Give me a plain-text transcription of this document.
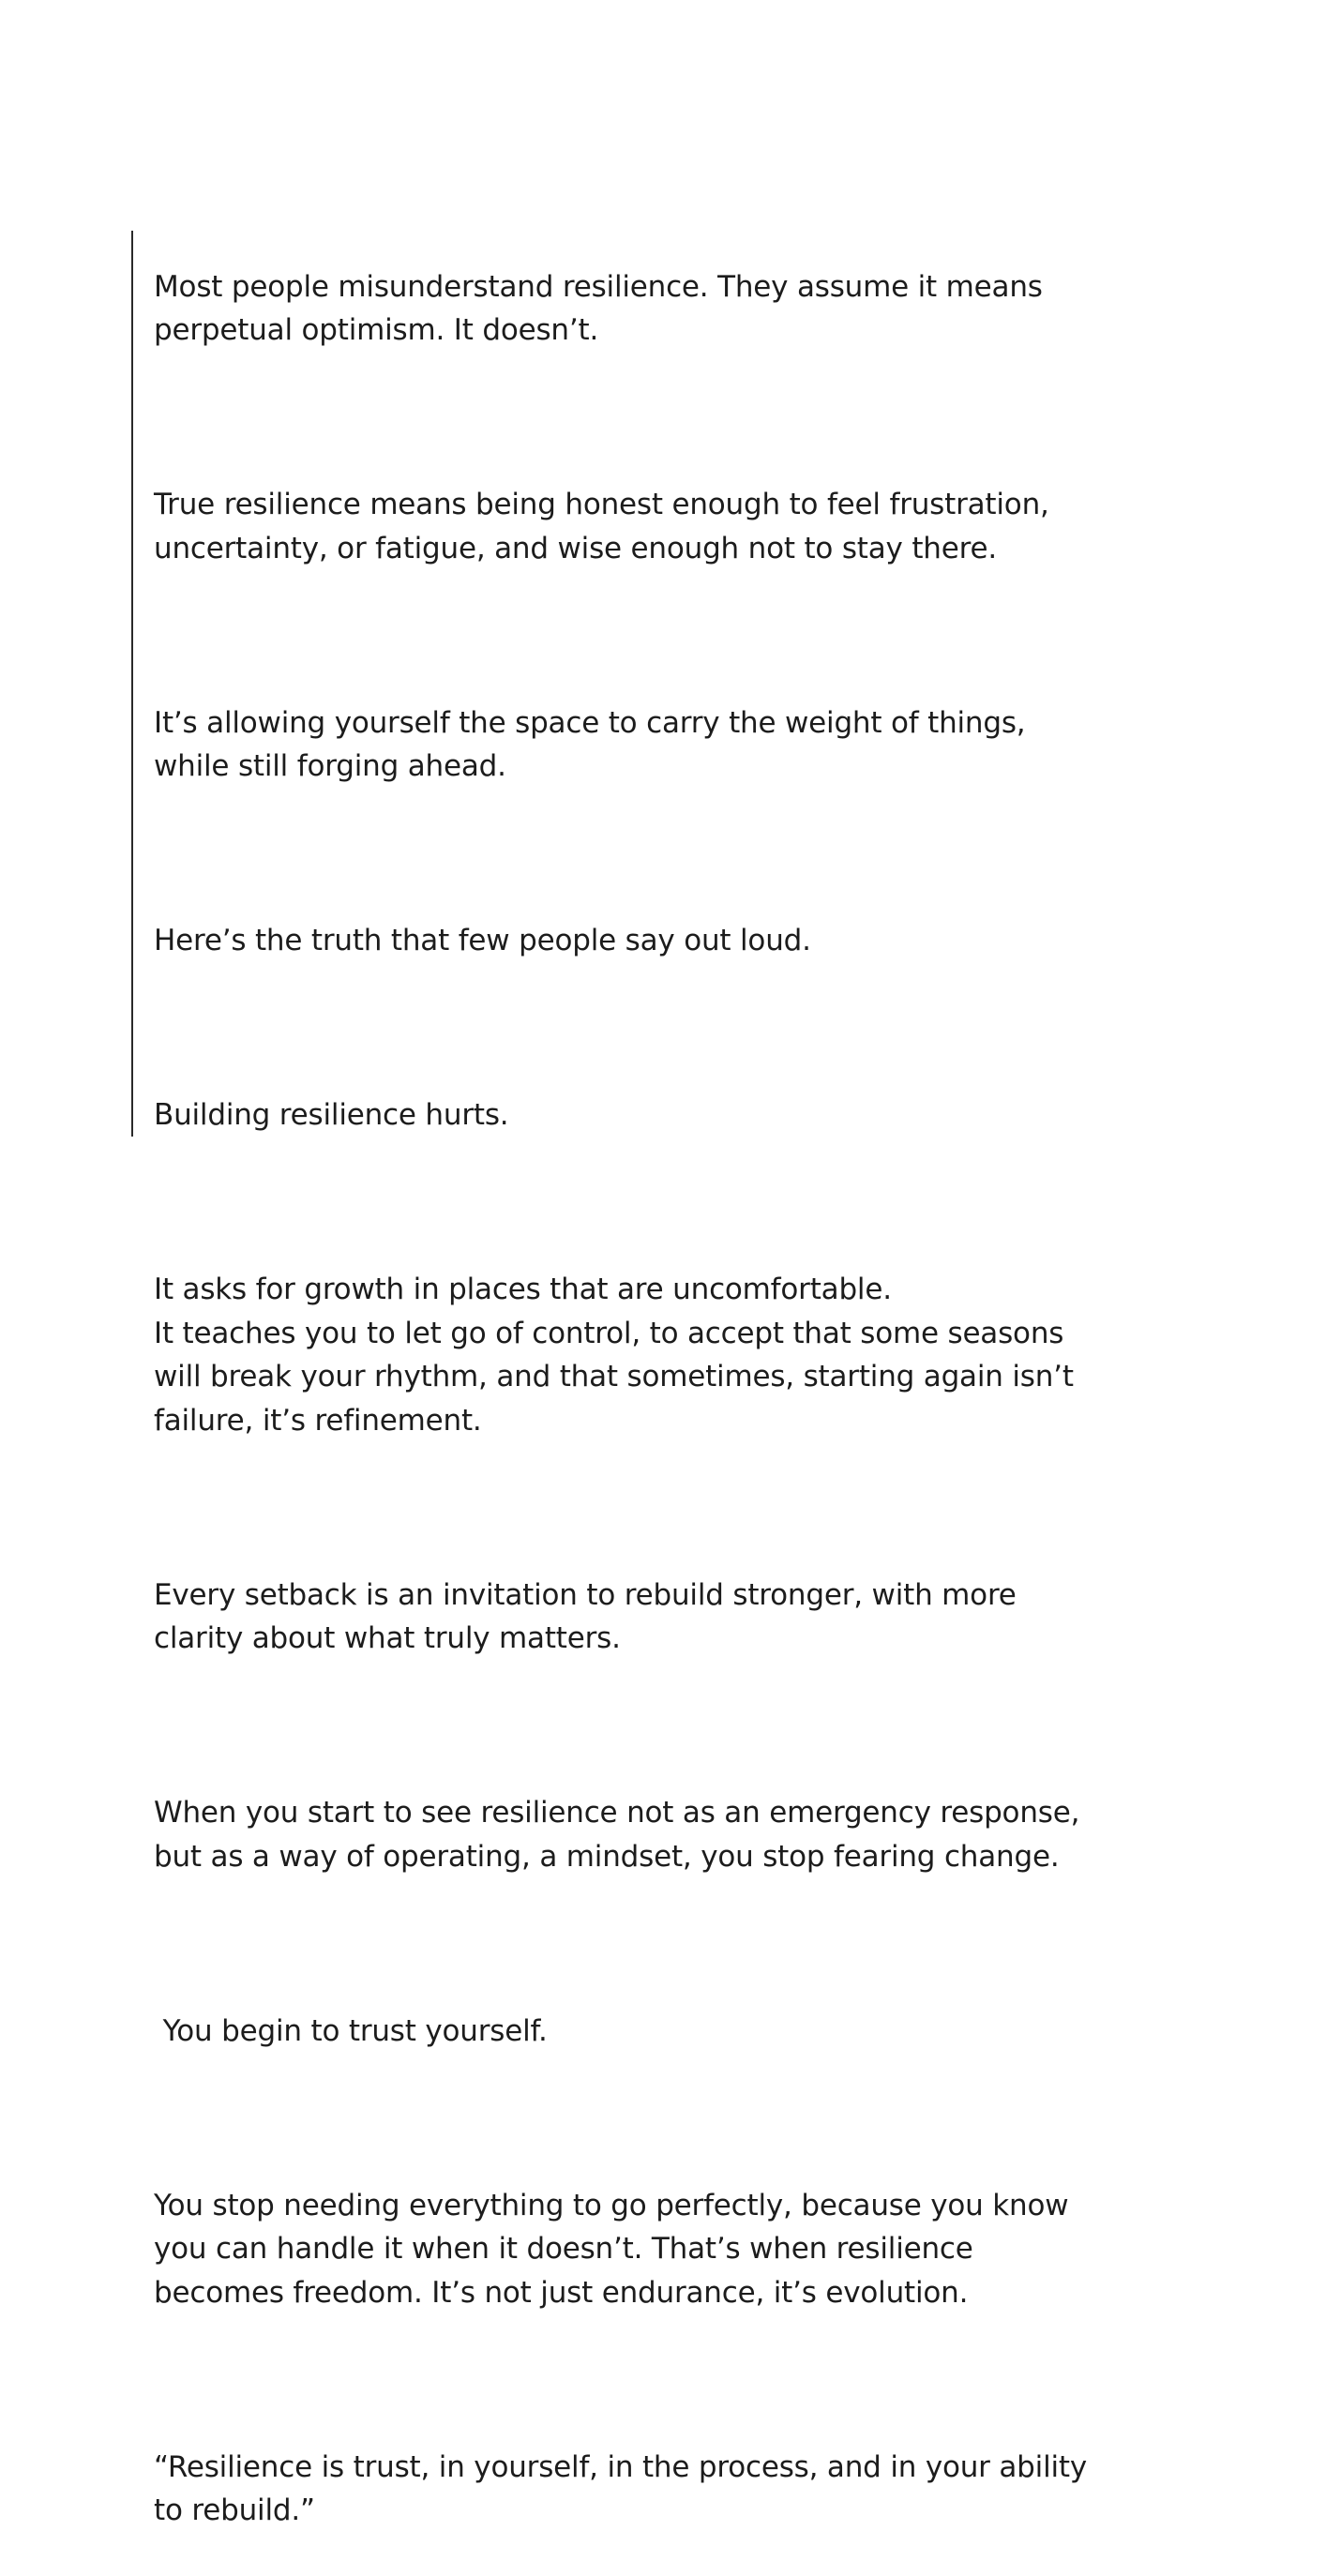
Most people misunderstand resilience. They assume it means
perpetual optimism. It doesn’t.

True resilience means being honest enough to feel frustration,
uncertainty, or fatigue, and wise enough not to stay there.

It’s allowing yourself the space to carry the weight of things,
while still forging ahead.

Here’s the truth that few people say out loud.

Building resilience hurts.

It asks for growth in places that are uncomfortable.
It teaches you to let go of control, to accept that some seasons
will break your rhythm, and that sometimes, starting again isn’t
failure, it’s refinement.

Every setback is an invitation to rebuild stronger, with more
clarity about what truly matters.

When you start to see resilience not as an emergency response,
but as a way of operating, a mindset, you stop fearing change.

You begin to trust yourself.

You stop needing everything to go perfectly, because you know
you can handle it when it doesn’t. That’s when resilience
becomes freedom. It’s not just endurance, it’s evolution.

“Resilience is trust, in yourself, in the process, and in your ability
to rebuild.”
